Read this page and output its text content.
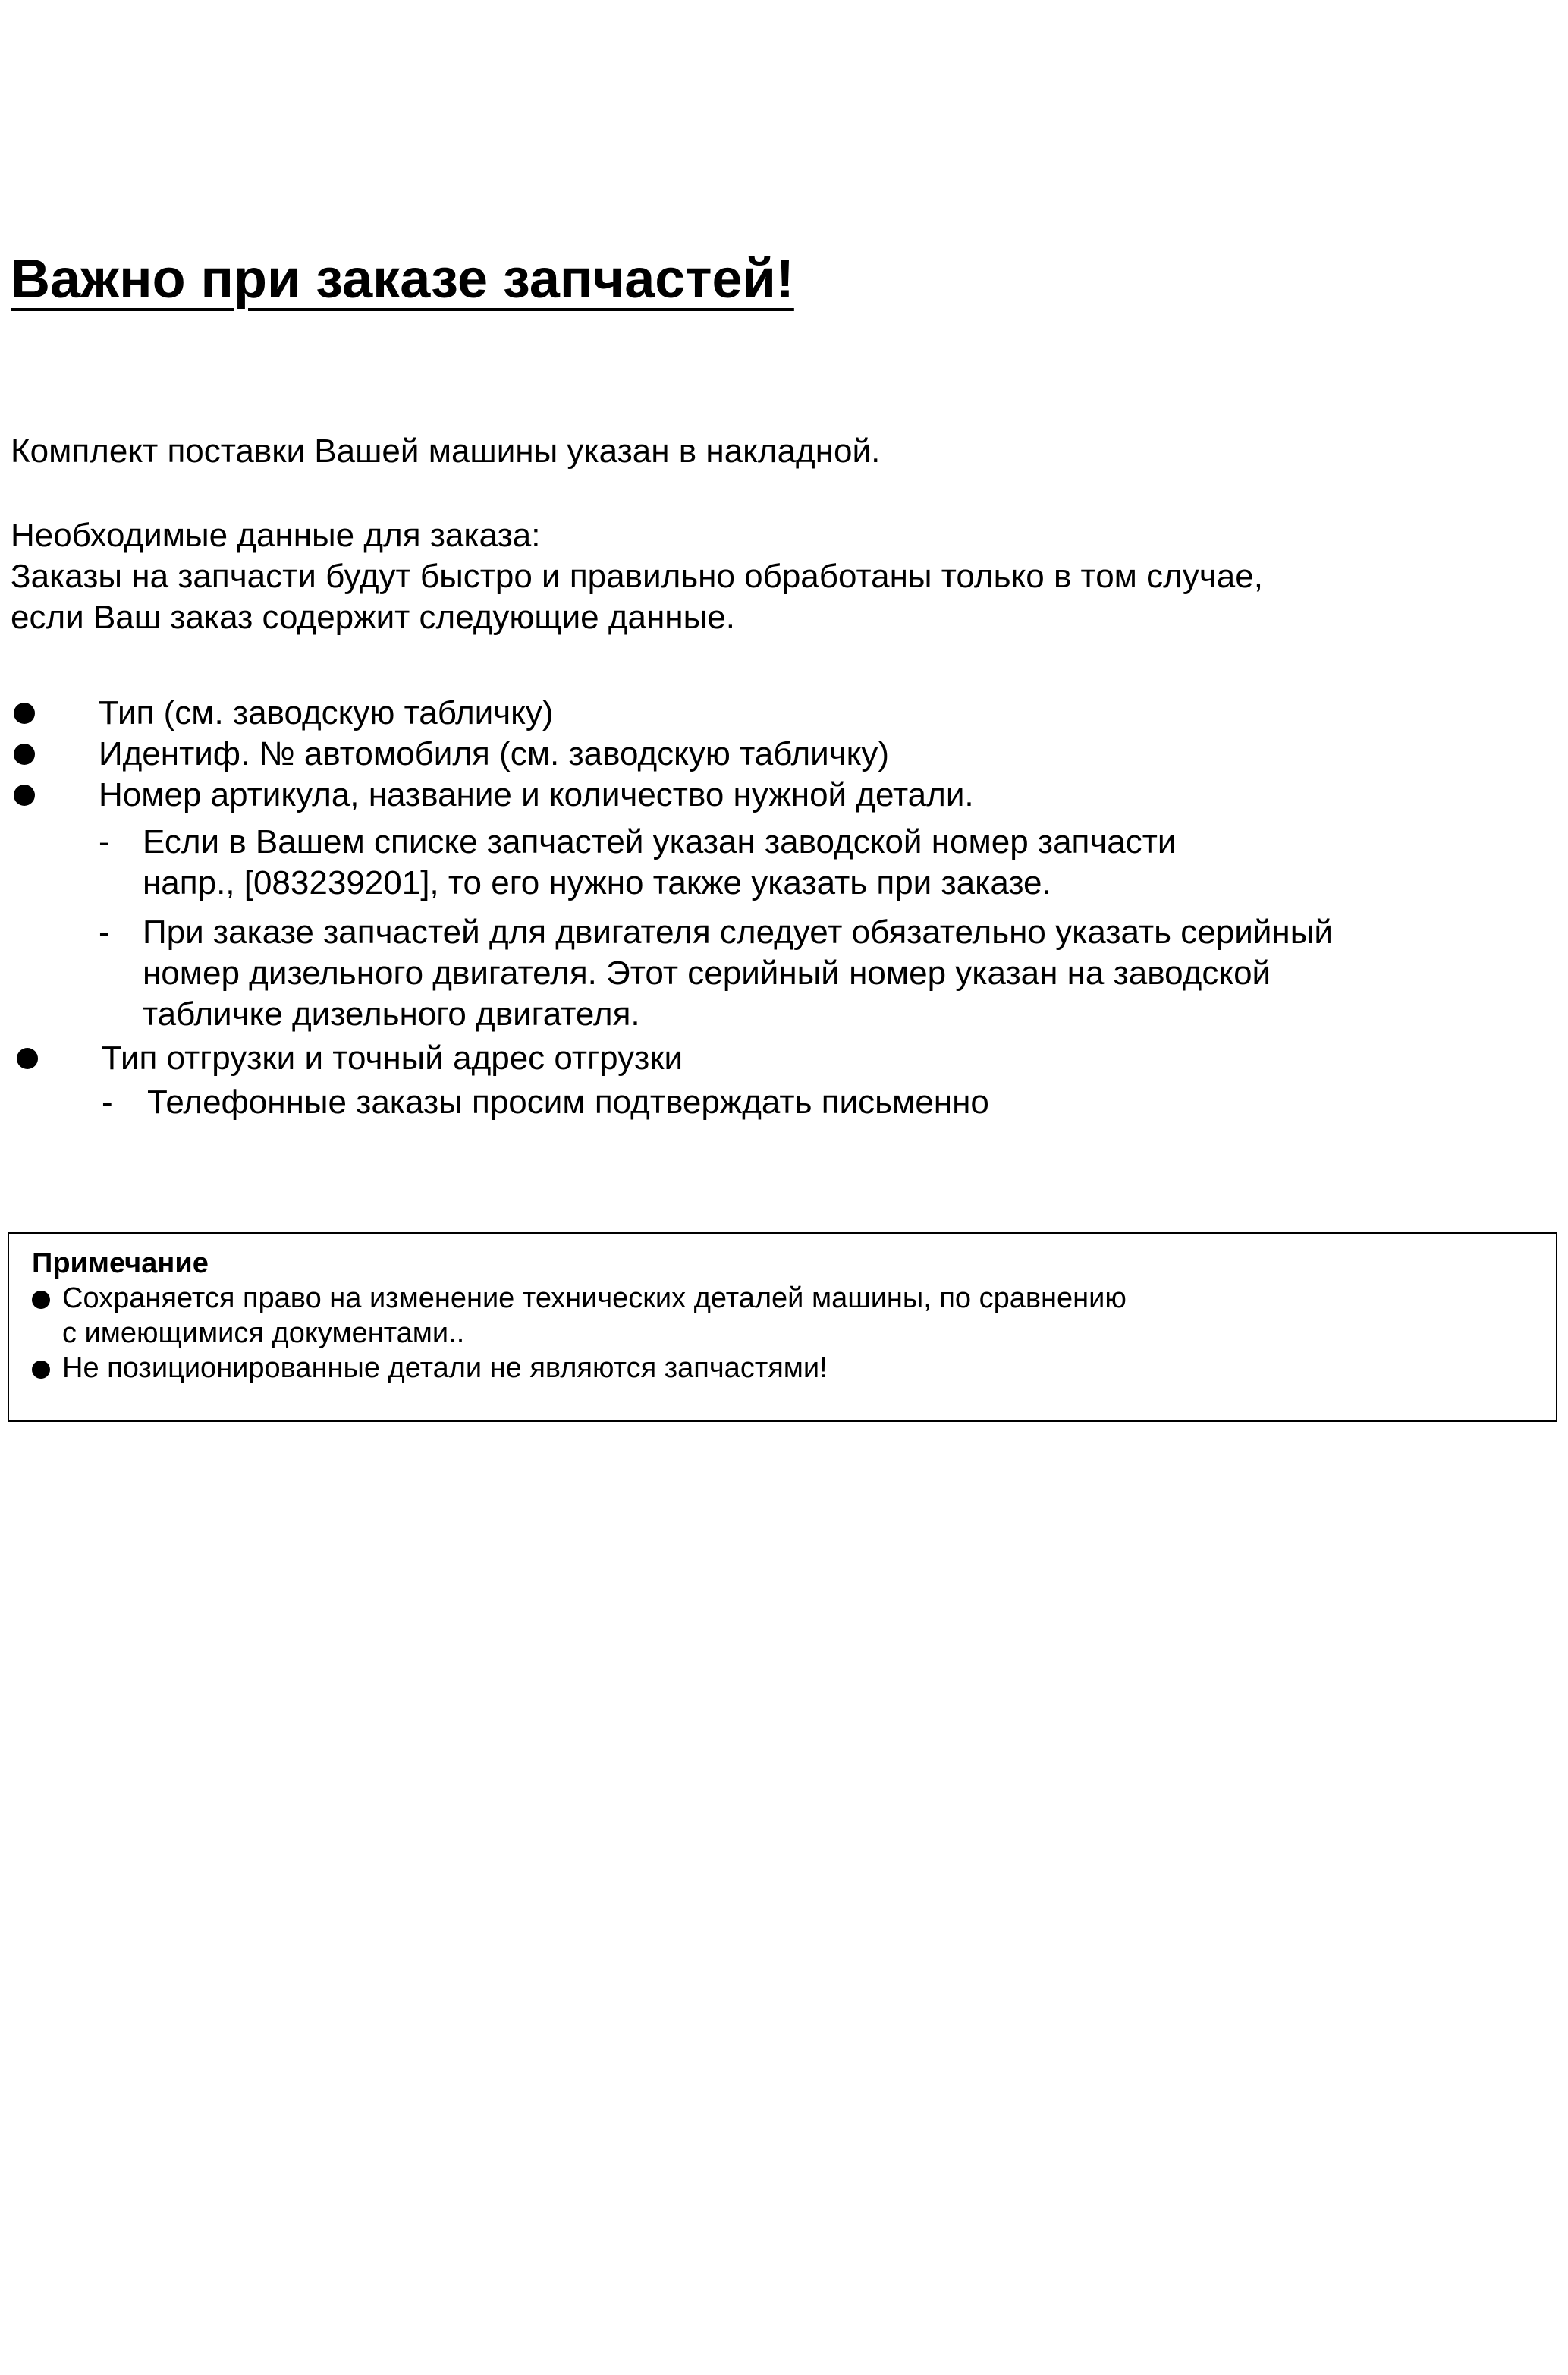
Важно при заказе запчастей!
Комплект поставки Вашей машины указан в накладной.
Необходимые данные для заказа:
Заказы на запчасти будут быстро и правильно обработаны только в том случае,
если Ваш заказ содержит следующие данные.
Тип (см. заводскую табличку)
Идентиф. № автомобиля (см. заводскую табличку)
Номер артикула, название и количество нужной детали.
- Если в Вашем списке запчастей указан заводской номер запчасти
напр., [083239201], то его нужно также указать при заказе.
- При заказе запчастей для двигателя следует обязательно указать серийный
номер дизельного двигателя. Этот серийный номер указан на заводской
табличке дизельного двигателя.
Тип отгрузки и точный адрес отгрузки
- Телефонные заказы просим подтверждать письменно
Примечание
Сохраняется право на изменение технических деталей машины, по сравнению
с имеющимися документами..
Не позиционированные детали не являются запчастями!
